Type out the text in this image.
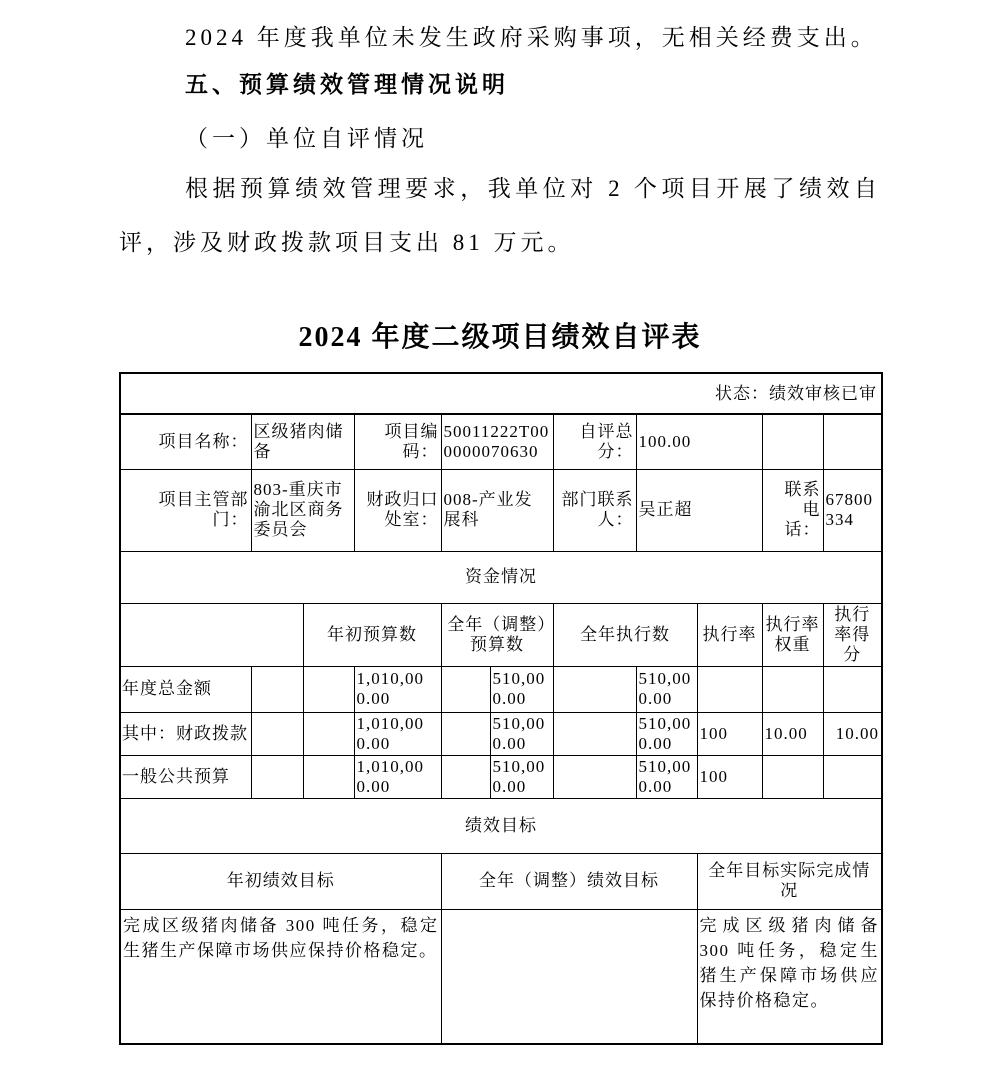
2024 年度我单位未发生政府采购事项，无相关经费支出。

五、预算绩效管理情况说明

（一）单位自评情况

根据预算绩效管理要求，我单位对 2 个项目开展了绩效自

评，涉及财政拨款项目支出 81 万元。

2024 年度二级项目绩效自评表
状态：绩效审核已审										
项目名称：	区级猪肉储备		项目编码：	50011222T000000070630		自评总分：	100.00			
项目主管部门：	803-重庆市渝北区商务委员会		财政归口处室：	008-产业发展科		部门联系人：	吴正超		联系电话：	67800334
资金情况										
		年初预算数		全年（调整）预算数		全年执行数		执行率	执行率权重	执行率得分
年度总金额			1,010,000.00		510,000.00		510,000.00			
其中：财政拨款			1,010,000.00		510,000.00		510,000.00	100	10.00	10.00
一般公共预算			1,010,000.00		510,000.00		510,000.00	100		
绩效目标										
年初绩效目标				全年（调整）绩效目标				全年目标实际完成情况		
完成区级猪肉储备 300 吨任务，稳定生猪生产保障市场供应保持价格稳定。								完成区级猪肉储备 300 吨任务，稳定生猪生产保障市场供应保持价格稳定。		
